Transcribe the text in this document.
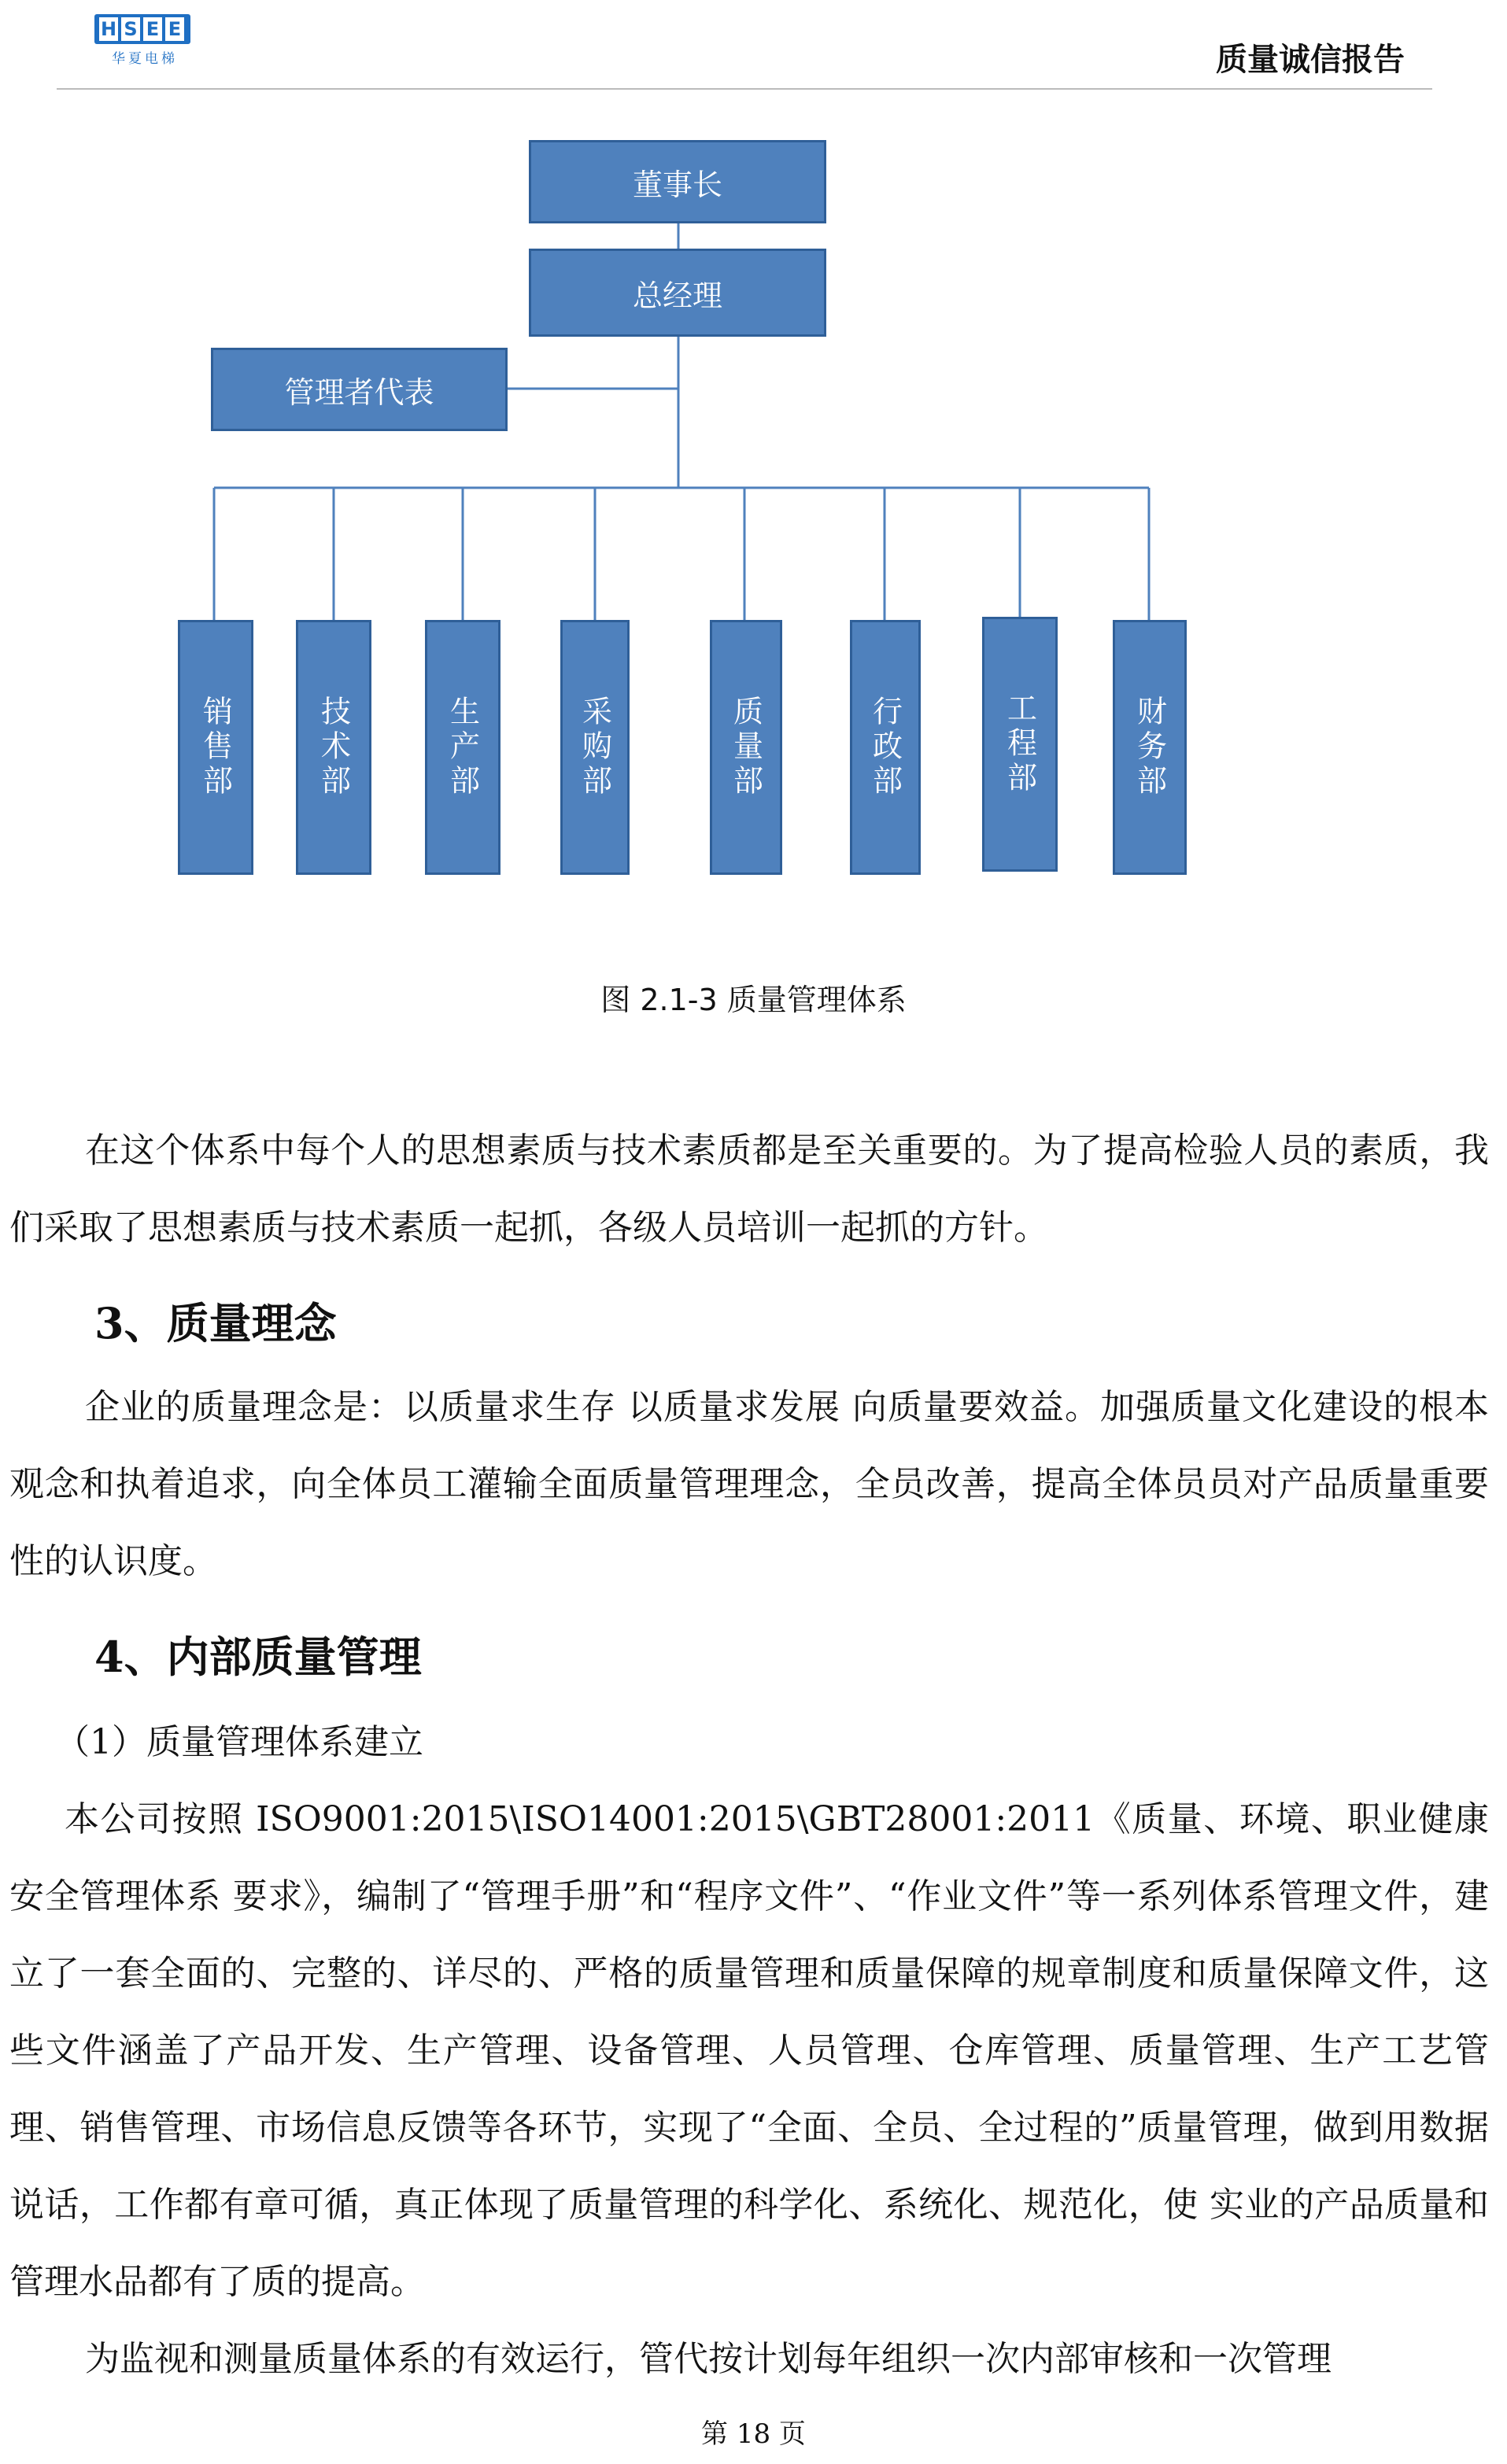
H S E E
华夏电梯	质量诚信报告
董事长
总经理
管理者代表
销售部	技术部	生产部	采购部	质量部	行政部	工程部	财务部
图 2.1-3 质量管理体系

在这个体系中每个人的思想素质与技术素质都是至关重要的。为了提高检验人员的素质，我们采取了思想素质与技术素质一起抓，各级人员培训一起抓的方针。

3、质量理念

企业的质量理念是：以质量求生存 以质量求发展 向质量要效益。加强质量文化建设的根本观念和执着追求，向全体员工灌输全面质量管理理念，全员改善，提高全体员员对产品质量重要性的认识度。

4、内部质量管理
（1）质量管理体系建立

本公司按照 ISO9001:2015\ISO14001:2015\GBT28001:2011《质量、环境、职业健康安全管理体系 要求》，编制了“管理手册”和“程序文件”、“作业文件”等一系列体系管理文件，建立了一套全面的、完整的、详尽的、严格的质量管理和质量保障的规章制度和质量保障文件，这些文件涵盖了产品开发、生产管理、设备管理、人员管理、仓库管理、质量管理、生产工艺管理、销售管理、市场信息反馈等各环节，实现了“全面、全员、全过程的”质量管理，做到用数据说话，工作都有章可循，真正体现了质量管理的科学化、系统化、规范化，使 实业的产品质量和管理水品都有了质的提高。

为监视和测量质量体系的有效运行，管代按计划每年组织一次内部审核和一次管理

第 18 页
